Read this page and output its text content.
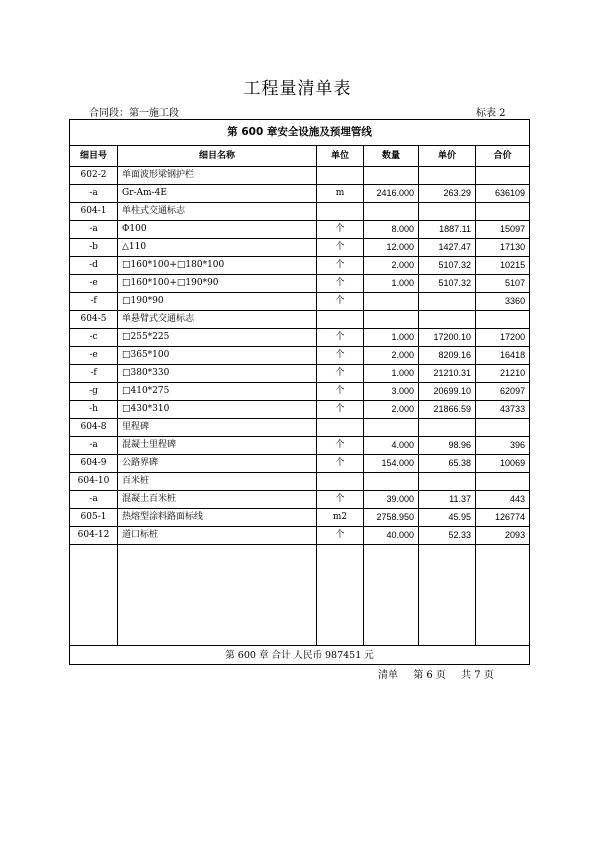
工程量清单表
合同段：第一施工段	标表 2
第 600 章安全设施及预埋管线					
细目号	细目名称	单位	数量	单价	合价
602-2	单面波形梁钢护栏				
-a	Gr-Am-4E	m	2416.000	263.29	636109
604-1	单柱式交通标志				
-a	Φ100	个	8.000	1887.11	15097
-b	△110	个	12.000	1427.47	17130
-d	□160*100+□180*100	个	2.000	5107.32	10215
-e	□160*100+□190*90	个	1.000	5107.32	5107
-f	□190*90	个			3360
604-5	单悬臂式交通标志				
-c	□255*225	个	1.000	17200.10	17200
-e	□365*100	个	2.000	8209.16	16418
-f	□380*330	个	1.000	21210.31	21210
-g	□410*275	个	3.000	20699.10	62097
-h	□430*310	个	2.000	21866.59	43733
604-8	里程碑				
-a	混凝土里程碑	个	4.000	98.96	396
604-9	公路界碑	个	154.000	65.38	10069
604-10	百米桩				
-a	混凝土百米桩	个	39.000	11.37	443
605-1	热熔型涂料路面标线	m2	2758.950	45.95	126774
604-12	道口标桩	个	40.000	52.33	2093

第 600 章 合计 人民币 987451 元					
清单 第 6 页 共 7 页
